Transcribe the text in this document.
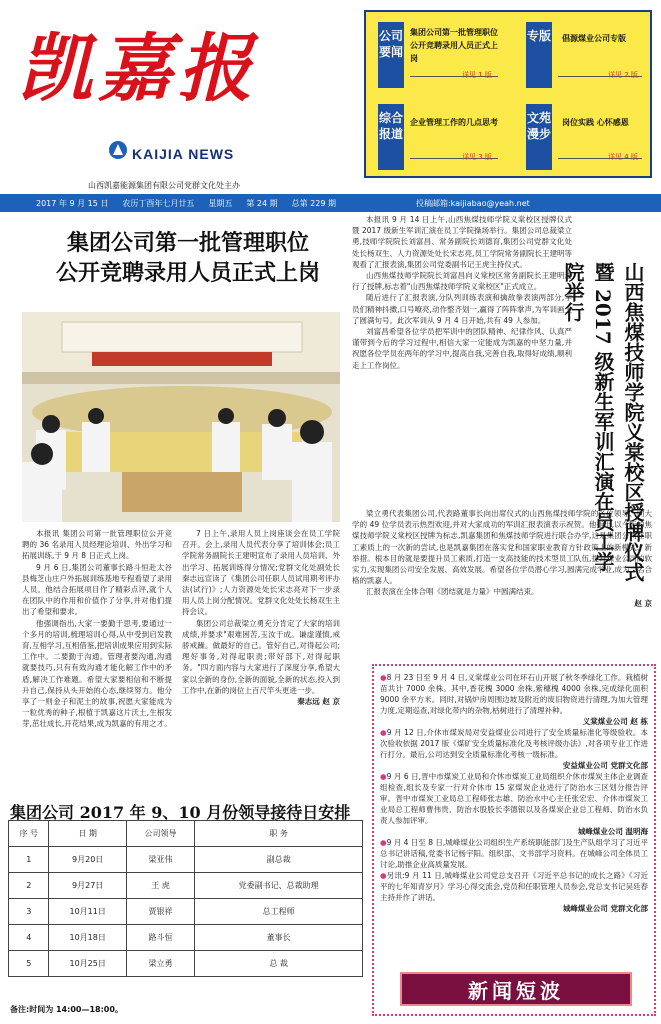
凯嘉报
KAIJIA NEWS
公司要闻
集团公司第一批管理职位公开竞聘录用人员正式上岗
详见 1 版
专版 倡源煤业公司专版
详见 2 版
综合报道
企业管理工作的几点思考
详见 3 版
文苑漫步
岗位实践 心怀感恩
详见 4 版
山西凯嘉能源集团有限公司党群文化处主办
2017 年 9 月 15 日 农历丁酉年七月廿五 星期五 第 24 期 总第 229 期	投稿邮箱:kaijiabao@yeah.net
集团公司第一批管理职位
公开竞聘录用人员正式上岗

本报讯 集团公司第一批管理职位公开竞聘的 36 名录用人员经理论培训、外出学习和拓展训练,于 9 月 8 日正式上岗。

9 月 6 日,集团公司董事长路斗恒赴太谷县梅芝山庄户外拓展训练基地专程看望了录用人员。他结合拓展项目作了精彩点评,就个人在团队中的作用和价值作了分享,并对他们提出了希望和要求。

他强调指出,大家一要勤于思考,要通过一个多月的培训,梳理培训心得,从中受到启发教育,互相学习,互相借鉴,把培训成果应用到实际工作中。二要勤于沟通。管理者要沟通,沟通就要技巧,只有有效沟通才能化解工作中的矛盾,解决工作难题。希望大家要相信和不断提升自己,保持从头开始的心态,继续努力。他分享了一则金子和泥土的故事,祝愿大家能成为一粒优秀的种子,根植于凯嘉这片沃土,生根发芽,茁壮成长,开花结果,成为凯嘉的有用之才。

7 日上午,录用人员上岗座谈会在员工学院召开。会上,录用人员代表分享了培训体会;员工学院常务副院长王建明宣布了录用人员培训、外出学习、拓展训练得分情况;党群文化处副处长秦志远宣读了《集团公司任职人员试用期考评办法(试行)》;人力资源处处长宋志亮对下一步录用人员上岗分配情况。党群文化处处长杨双生主持会议。

集团公司总裁梁立勇充分肯定了大家的培训成绩,并要求"艰难困苦,玉汝于成。谦虚谨慎,戒骄戒躁。做最好的自己。管好自己,对得起公司;理好事务,对得起职责;带好部下,对得起职务。"四方面内容与大家进行了深度分享,希望大家以全新的身份,全新的面貌,全新的状态,投入到工作中,在新的岗位上百尺竿头更进一步。

秦志远 赵 京

山西焦煤技师学院义棠校区授牌仪式暨 2017 级新生军训汇演在员工学院举行

本报讯 9 月 14 日上午,山西焦煤技师学院义棠校区授牌仪式暨 2017 级新生军训汇演在员工学院操场举行。集团公司总裁梁立勇,技师学院院长刘富昌、常务副院长刘德育,集团公司党群文化处处长杨双生、人力资源处处长宋志亮,员工学院常务副院长王建明等观看了汇报表演,集团公司党委副书记王虎主持仪式。

山西焦煤技师学院院长刘富昌向义棠校区常务副院长王建明进行了授牌,标志着"山西焦煤技师学院义棠校区"正式成立。

随后进行了汇报表演,分队列训练表演和擒敌拳表演两部分,学员们精神抖擞,口号嘹亮,动作整齐划一,赢得了阵阵掌声,为军训画上了圆满句号。此次军训从 9 月 4 日开始,共有 49 人参加。

刘富昌希望各位学员把军训中的团队精神、纪律作风、认真严谨带到今后的学习过程中,相信大家一定能成为凯嘉的中坚力量,并祝愿各位学员在两年的学习中,提高自我,完善自我,取得好成绩,顺利走上工作岗位。

梁立勇代表集团公司,代表路董事长向出席仪式的山西焦煤技师学院的各位领导、向大学的 49 位学员表示热烈欢迎,并对大家成功的军训汇报表演表示祝贺。他指出,以今天的焦煤技师学院义棠校区授牌为标志,凯嘉集团和焦煤技师学院进行联合办学,这是集团公司在职工素质上的一次新的尝试,也是凯嘉集团在落实党和国家职业教育方针政策上的新模式、新举措。根本目的就是要提升员工素质,打造一支高技能的技术型员工队伍,提升煤业公司的软实力,实现集团公司安全发展、高效发展。希望各位学员潜心学习,圆满完成学业,成为一名合格的凯嘉人。

汇报表演在全体合唱《团结就是力量》中圆满结束。

赵 京

集团公司 2017 年 9、10 月份领导接待日安排
序 号	日 期	公司领导	职 务
1	9月20日	梁亚伟	副总裁
2	9月27日	王 虎	党委副书记、总裁助理
3	10月11日	贾银祥	总工程师
4	10月18日	路斗恒	董事长
5	10月25日	梁立勇	总 裁
备注:时间为 14:00—18:00。
●8 月 23 日至 9 月 4 日,义棠煤业公司在环石山开展了秋冬季绿化工作。栽植树苗共计 7000 余株。其中,香花槐 3000 余株,紫穗槐 4000 余株,完成绿化面积 9000 余平方米。同时,对锅炉房周围边坡及附近的废旧物资进行清理,为加大管理力度,定期巡查,对绿化带内的杂物,枯树进行了清理补种。
义棠煤业公司 赵 栋
●9 月 12 日,介休市煤炭局对安益煤业公司进行了安全质量标准化等级验收。本次验收依据 2017 版《煤矿安全质量标准化及考核评级办法》,对各项专业工作进行打分。最后,公司达到安全质量标准化考核一级标准。
安益煤业公司 党群文化部
●9 月 6 日,晋中市煤炭工业局和介休市煤炭工业局组织介休市煤炭主体企业调查组检查,组长及专家一行对介休市 15 家煤炭企业进行了防治水三区划分报告评审。晋中市煤炭工业局总工程师张志雄、防治水中心主任张宏宏、介休市煤炭工业局总工程师曹伟贵、防治水股股长李德银以及各煤炭企业总工程师、防治水负责人参加评审。
城峰煤业公司 温明海
●9 月 4 日至 8 日,城峰煤业公司组织生产系统职能部门及生产队组学习了习近平总书记讲话稿,党委书记杨宇阳。组织部、文书部学习资料。在城峰公司全体员工讨论,助推企业高质量发展。
●另讯:9 月 11 日,城峰煤业公司党总支召开《习近平总书记的成长之路》《习近平的七年知青岁月》学习心得交流会,党员和任职管理人员参会,党总支书记吴廷春主持并作了讲话。
城峰煤业公司 党群文化部
新闻短波
